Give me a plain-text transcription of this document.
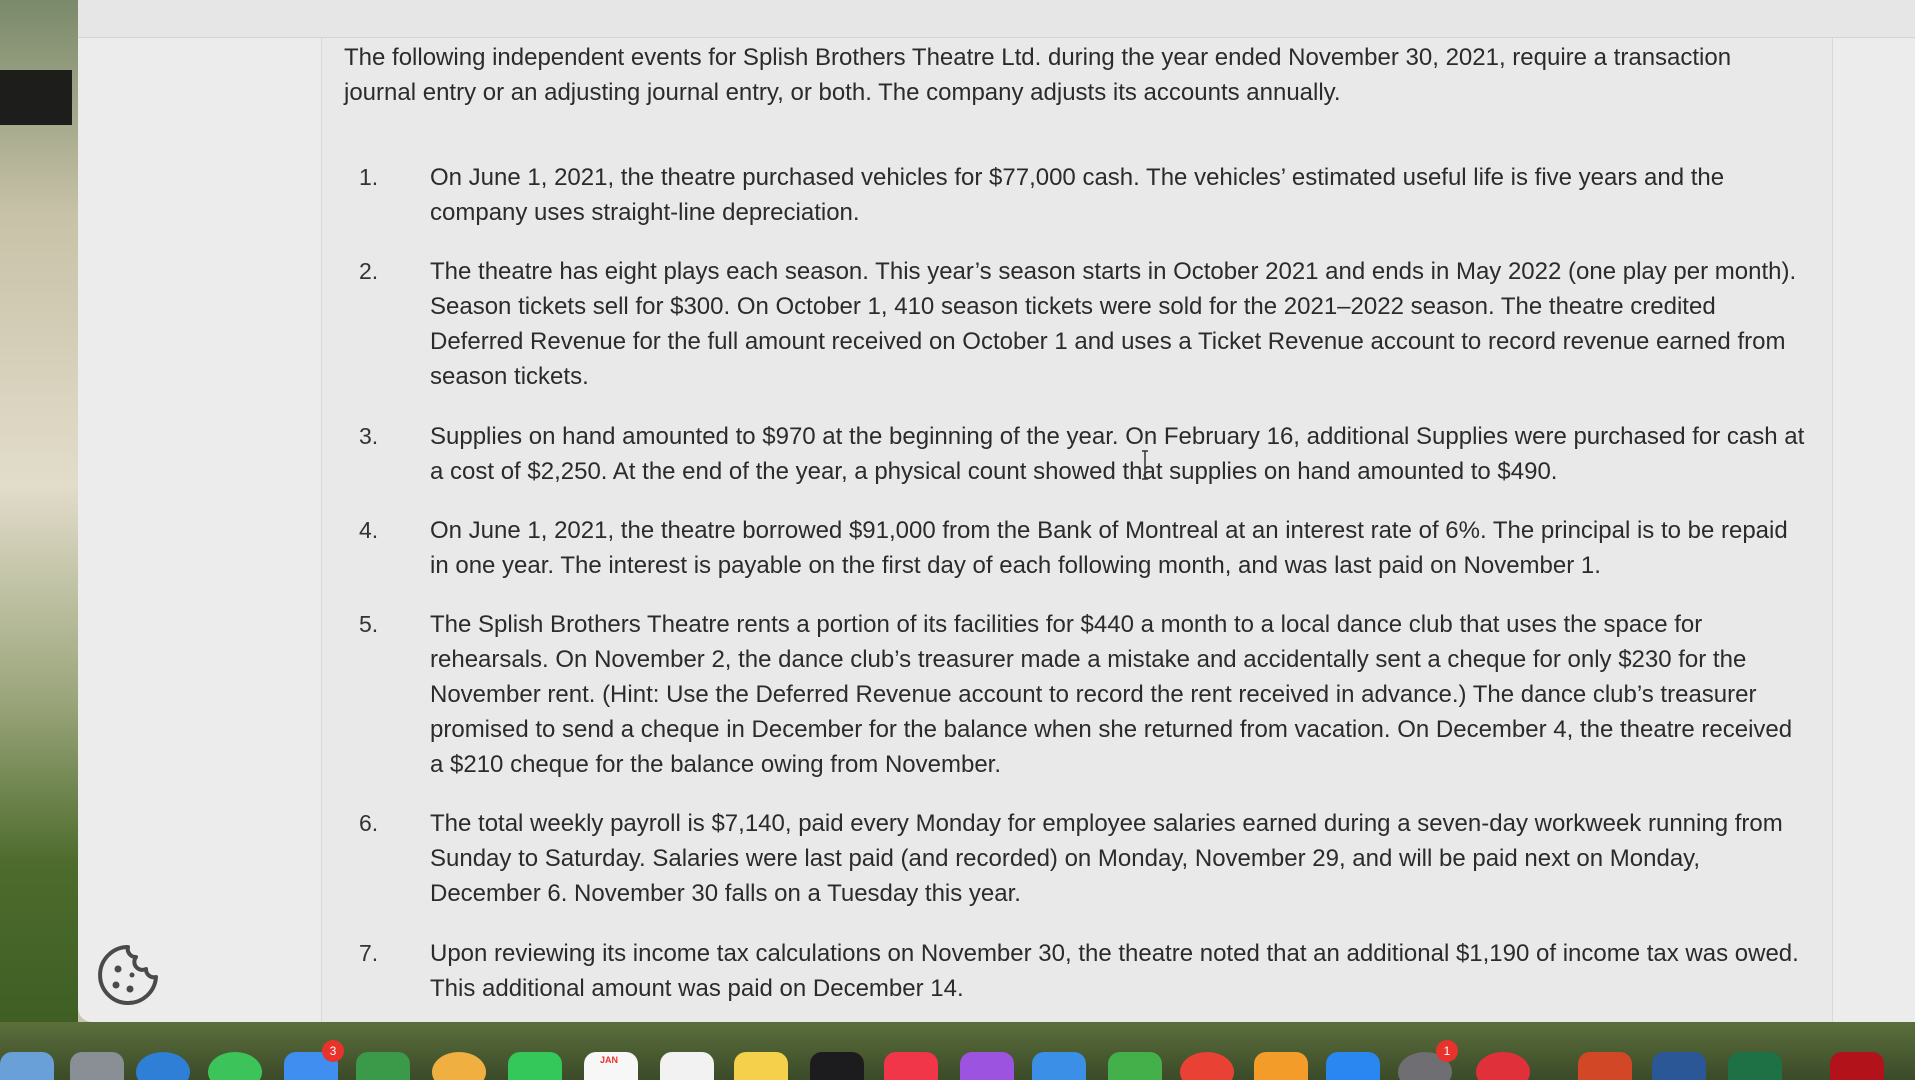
The following independent events for Splish Brothers Theatre Ltd. during the year ended November 30, 2021, require a transaction journal entry or an adjusting journal entry, or both. The company adjusts its accounts annually.

1.	On June 1, 2021, the theatre purchased vehicles for $77,000 cash. The vehicles’ estimated useful life is five years and the company uses straight-line depreciation.

2.	The theatre has eight plays each season. This year’s season starts in October 2021 and ends in May 2022 (one play per month). Season tickets sell for $300. On October 1, 410 season tickets were sold for the 2021–2022 season. The theatre credited Deferred Revenue for the full amount received on October 1 and uses a Ticket Revenue account to record revenue earned from season tickets.

3.	Supplies on hand amounted to $970 at the beginning of the year. On February 16, additional Supplies were purchased for cash at a cost of $2,250. At the end of the year, a physical count showed that supplies on hand amounted to $490.

4.	On June 1, 2021, the theatre borrowed $91,000 from the Bank of Montreal at an interest rate of 6%. The principal is to be repaid in one year. The interest is payable on the first day of each following month, and was last paid on November 1.

5.	The Splish Brothers Theatre rents a portion of its facilities for $440 a month to a local dance club that uses the space for rehearsals. On November 2, the dance club’s treasurer made a mistake and accidentally sent a cheque for only $230 for the November rent. (Hint: Use the Deferred Revenue account to record the rent received in advance.) The dance club’s treasurer promised to send a cheque in December for the balance when she returned from vacation. On December 4, the theatre received a $210 cheque for the balance owing from November.

6.	The total weekly payroll is $7,140, paid every Monday for employee salaries earned during a seven-day workweek running from Sunday to Saturday. Salaries were last paid (and recorded) on Monday, November 29, and will be paid next on Monday, December 6. November 30 falls on a Tuesday this year.

7.	Upon reviewing its income tax calculations on November 30, the theatre noted that an additional $1,190 of income tax was owed. This additional amount was paid on December 14.

3
JAN
1
